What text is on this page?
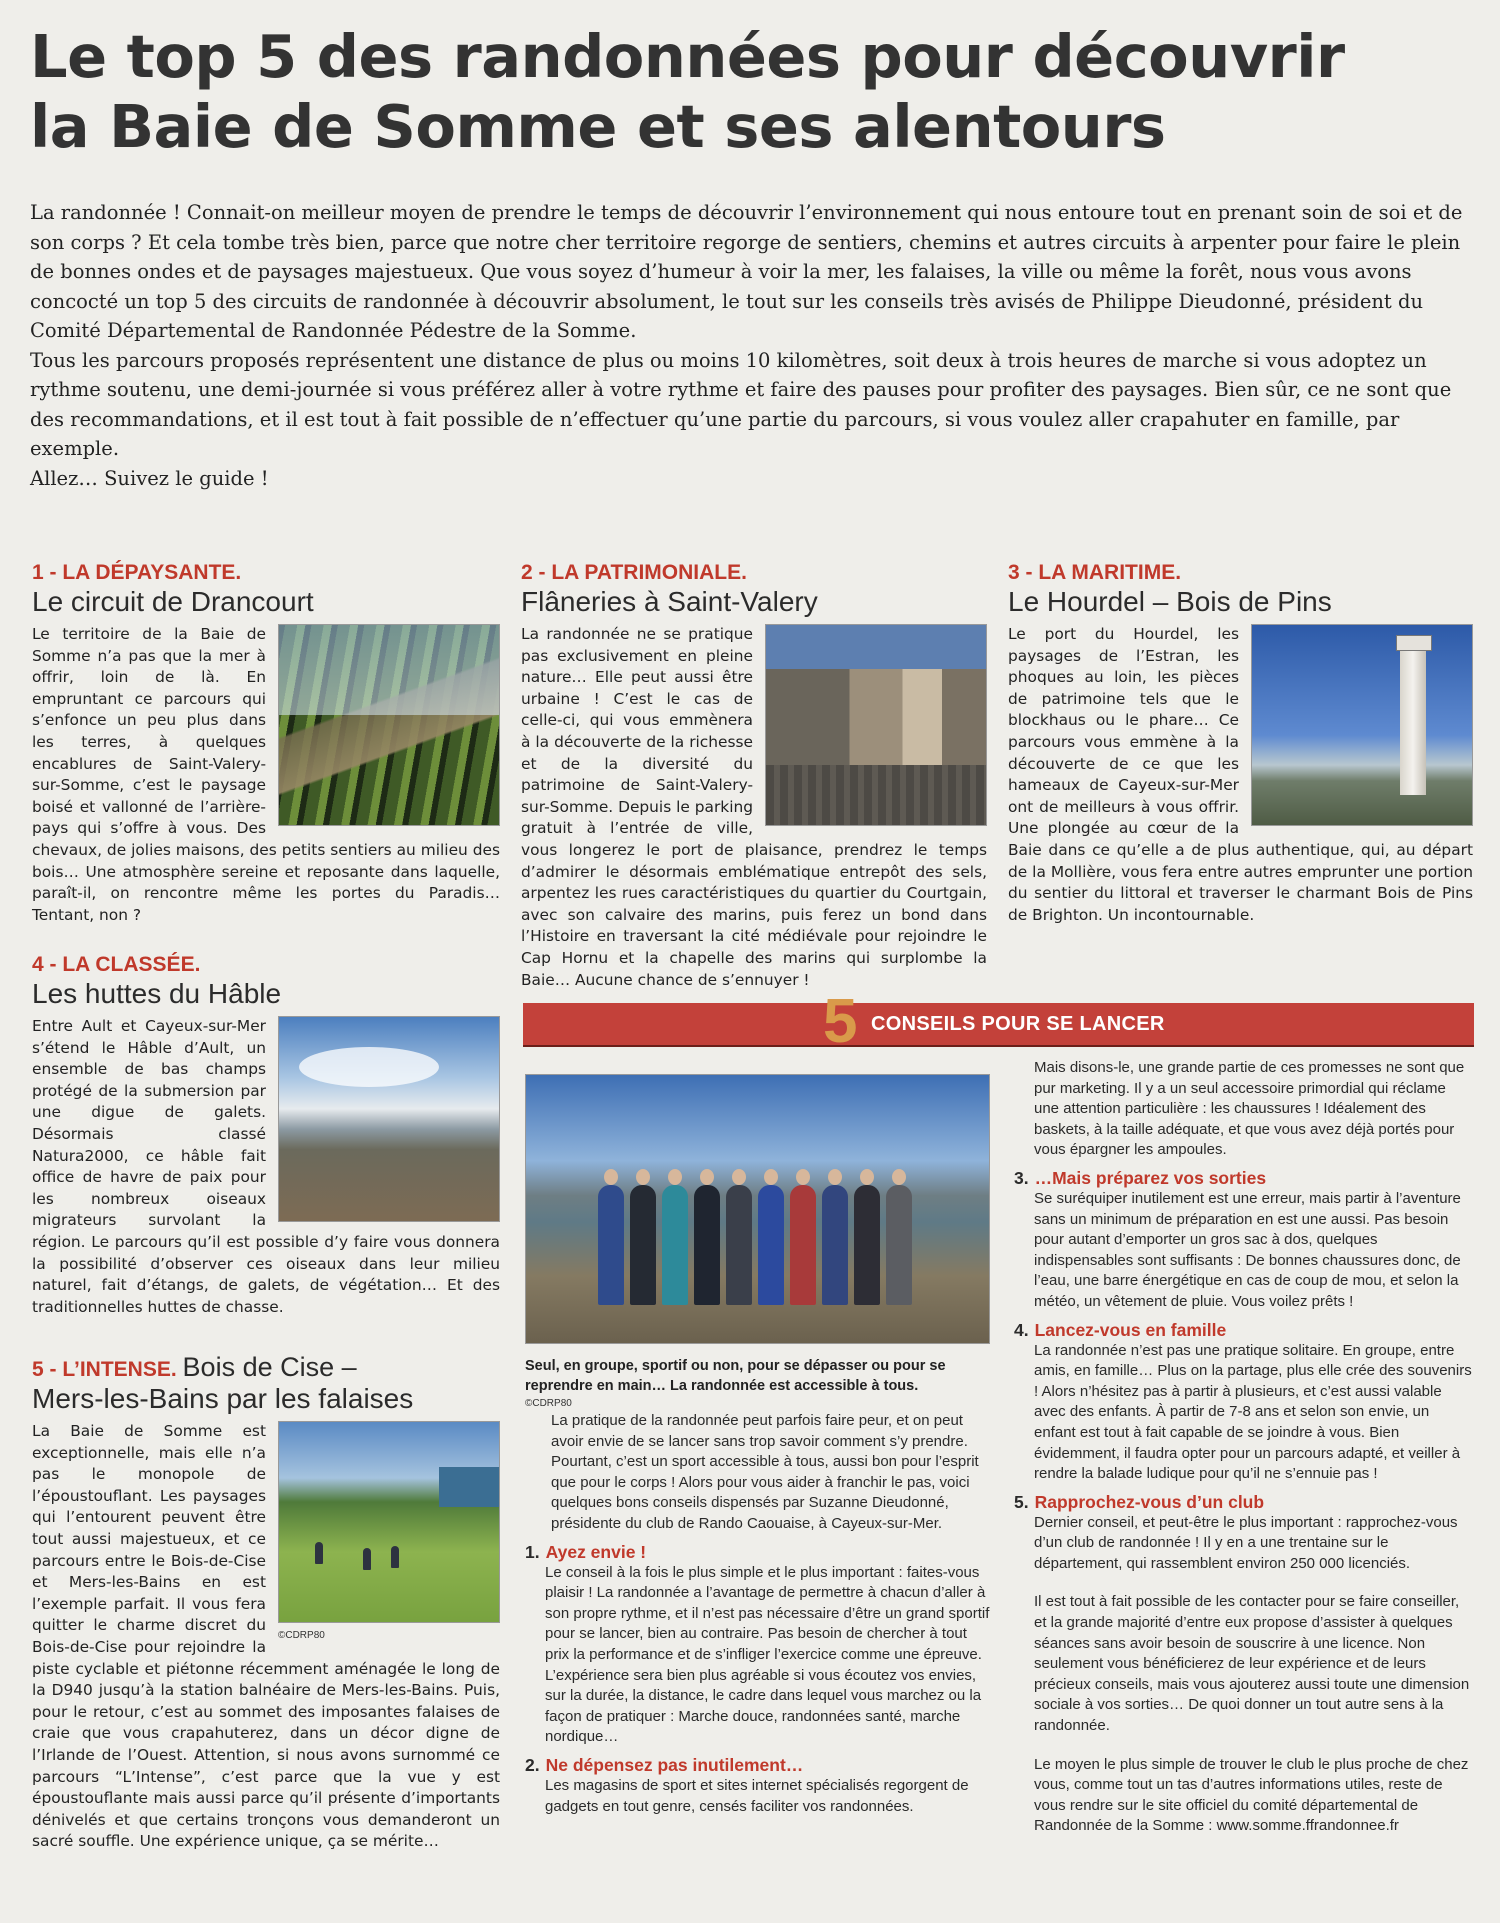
Le top 5 des randonnées pour découvrir
la Baie de Somme et ses alentours

La randonnée ! Connait-on meilleur moyen de prendre le temps de découvrir l’environnement qui nous entoure tout en prenant soin de soi et de son corps ? Et cela tombe très bien, parce que notre cher territoire regorge de sentiers, chemins et autres circuits à arpenter pour faire le plein de bonnes ondes et de paysages majestueux. Que vous soyez d’humeur à voir la mer, les falaises, la ville ou même la forêt, nous vous avons concocté un top 5 des circuits de randonnée à découvrir absolument, le tout sur les conseils très avisés de Philippe Dieudonné, président du Comité Départemental de Randonnée Pédestre de la Somme.

Tous les parcours proposés représentent une distance de plus ou moins 10 kilomètres, soit deux à trois heures de marche si vous adoptez un rythme soutenu, une demi-journée si vous préférez aller à votre rythme et faire des pauses pour profiter des paysages. Bien sûr, ce ne sont que des recommandations, et il est tout à fait possible de n’effectuer qu’une partie du parcours, si vous voulez aller crapahuter en famille, par exemple.

Allez… Suivez le guide !

1 - LA DÉPAYSANTE.
Le circuit de Drancourt
Le territoire de la Baie de Somme n’a pas que la mer à offrir, loin de là. En empruntant ce parcours qui s’enfonce un peu plus dans les terres, à quelques encablures de Saint-Valery-sur-Somme, c’est le paysage boisé et vallonné de l’arrière-pays qui s’offre à vous. Des chevaux, de jolies maisons, des petits sentiers au milieu des bois… Une atmosphère sereine et reposante dans laquelle, paraît-il, on rencontre même les portes du Paradis… Tentant, non ?
2 - LA PATRIMONIALE.
Flâneries à Saint-Valery
La randonnée ne se pratique pas exclusivement en pleine nature… Elle peut aussi être urbaine ! C’est le cas de celle-ci, qui vous emmènera à la découverte de la richesse et de la diversité du patrimoine de Saint-Valery-sur-Somme. Depuis le parking gratuit à l’entrée de ville, vous longerez le port de plaisance, prendrez le temps d’admirer le désormais emblématique entrepôt des sels, arpentez les rues caractéristiques du quartier du Courtgain, avec son calvaire des marins, puis ferez un bond dans l’Histoire en traversant la cité médiévale pour rejoindre le Cap Hornu et la chapelle des marins qui surplombe la Baie… Aucune chance de s’ennuyer !
3 - LA MARITIME.
Le Hourdel – Bois de Pins
Le port du Hourdel, les paysages de l’Estran, les phoques au loin, les pièces de patrimoine tels que le blockhaus ou le phare… Ce parcours vous emmène à la découverte de ce que les hameaux de Cayeux-sur-Mer ont de meilleurs à vous offrir. Une plongée au cœur de la Baie dans ce qu’elle a de plus authentique, qui, au départ de la Mollière, vous fera entre autres emprunter une portion du sentier du littoral et traverser le charmant Bois de Pins de Brighton. Un incontournable.
4 - LA CLASSÉE.
Les huttes du Hâble
Entre Ault et Cayeux-sur-Mer s’étend le Hâble d’Ault, un ensemble de bas champs protégé de la submersion par une digue de galets. Désormais classé Natura2000, ce hâble fait office de havre de paix pour les nombreux oiseaux migrateurs survolant la région. Le parcours qu’il est possible d’y faire vous donnera la possibilité d’observer ces oiseaux dans leur milieu naturel, fait d’étangs, de galets, de végétation… Et des traditionnelles huttes de chasse.
5 - L’INTENSE. Bois de Cise –
Mers-les-Bains par les falaises
©CDRP80
La Baie de Somme est exceptionnelle, mais elle n’a pas le monopole de l’époustouflant. Les paysages qui l’entourent peuvent être tout aussi majestueux, et ce parcours entre le Bois-de-Cise et Mers-les-Bains en est l’exemple parfait. Il vous fera quitter le charme discret du Bois-de-Cise pour rejoindre la piste cyclable et piétonne récemment aménagée le long de la D940 jusqu’à la station balnéaire de Mers-les-Bains. Puis, pour le retour, c’est au sommet des imposantes falaises de craie que vous crapahuterez, dans un décor digne de l’Irlande de l’Ouest. Attention, si nous avons surnommé ce parcours “L’Intense”, c’est parce que la vue y est époustouflante mais aussi parce qu’il présente d’importants dénivelés et que certains tronçons vous demanderont un sacré souffle. Une expérience unique, ça se mérite…
5 CONSEILS POUR SE LANCER
Seul, en groupe, sportif ou non, pour se dépasser ou pour se reprendre en main… La randonnée est accessible à tous.
©CDRP80
La pratique de la randonnée peut parfois faire peur, et on peut avoir envie de se lancer sans trop savoir comment s’y prendre. Pourtant, c’est un sport accessible à tous, aussi bon pour l’esprit que pour le corps ! Alors pour vous aider à franchir le pas, voici quelques bons conseils dispensés par Suzanne Dieudonné, présidente du club de Rando Caouaise, à Cayeux-sur-Mer.
1. Ayez envie !
Le conseil à la fois le plus simple et le plus important : faites-vous plaisir ! La randonnée a l’avantage de permettre à chacun d’aller à son propre rythme, et il n’est pas nécessaire d’être un grand sportif pour se lancer, bien au contraire. Pas besoin de chercher à tout prix la performance et de s’infliger l’exercice comme une épreuve. L’expérience sera bien plus agréable si vous écoutez vos envies, sur la durée, la distance, le cadre dans lequel vous marchez ou la façon de pratiquer : Marche douce, randonnées santé, marche nordique…
2. Ne dépensez pas inutilement…
Les magasins de sport et sites internet spécialisés regorgent de gadgets en tout genre, censés faciliter vos randonnées.
Mais disons-le, une grande partie de ces promesses ne sont que pur marketing. Il y a un seul accessoire primordial qui réclame une attention particulière : les chaussures ! Idéalement des baskets, à la taille adéquate, et que vous avez déjà portés pour vous épargner les ampoules.
3. …Mais préparez vos sorties
Se suréquiper inutilement est une erreur, mais partir à l’aventure sans un minimum de préparation en est une aussi. Pas besoin pour autant d’emporter un gros sac à dos, quelques indispensables sont suffisants : De bonnes chaussures donc, de l’eau, une barre énergétique en cas de coup de mou, et selon la météo, un vêtement de pluie. Vous voilez prêts !
4. Lancez-vous en famille
La randonnée n’est pas une pratique solitaire. En groupe, entre amis, en famille… Plus on la partage, plus elle crée des souvenirs ! Alors n’hésitez pas à partir à plusieurs, et c’est aussi valable avec des enfants. À partir de 7-8 ans et selon son envie, un enfant est tout à fait capable de se joindre à vous. Bien évidemment, il faudra opter pour un parcours adapté, et veiller à rendre la balade ludique pour qu’il ne s’ennuie pas !
5. Rapprochez-vous d’un club
Dernier conseil, et peut-être le plus important : rapprochez-vous d’un club de randonnée ! Il y en a une trentaine sur le département, qui rassemblent environ 250 000 licenciés.
Il est tout à fait possible de les contacter pour se faire conseiller, et la grande majorité d’entre eux propose d’assister à quelques séances sans avoir besoin de souscrire à une licence. Non seulement vous bénéficierez de leur expérience et de leurs précieux conseils, mais vous ajouterez aussi toute une dimension sociale à vos sorties… De quoi donner un tout autre sens à la randonnée.
Le moyen le plus simple de trouver le club le plus proche de chez vous, comme tout un tas d’autres informations utiles, reste de vous rendre sur le site officiel du comité départemental de Randonnée de la Somme : www.somme.ffrandonnee.fr
